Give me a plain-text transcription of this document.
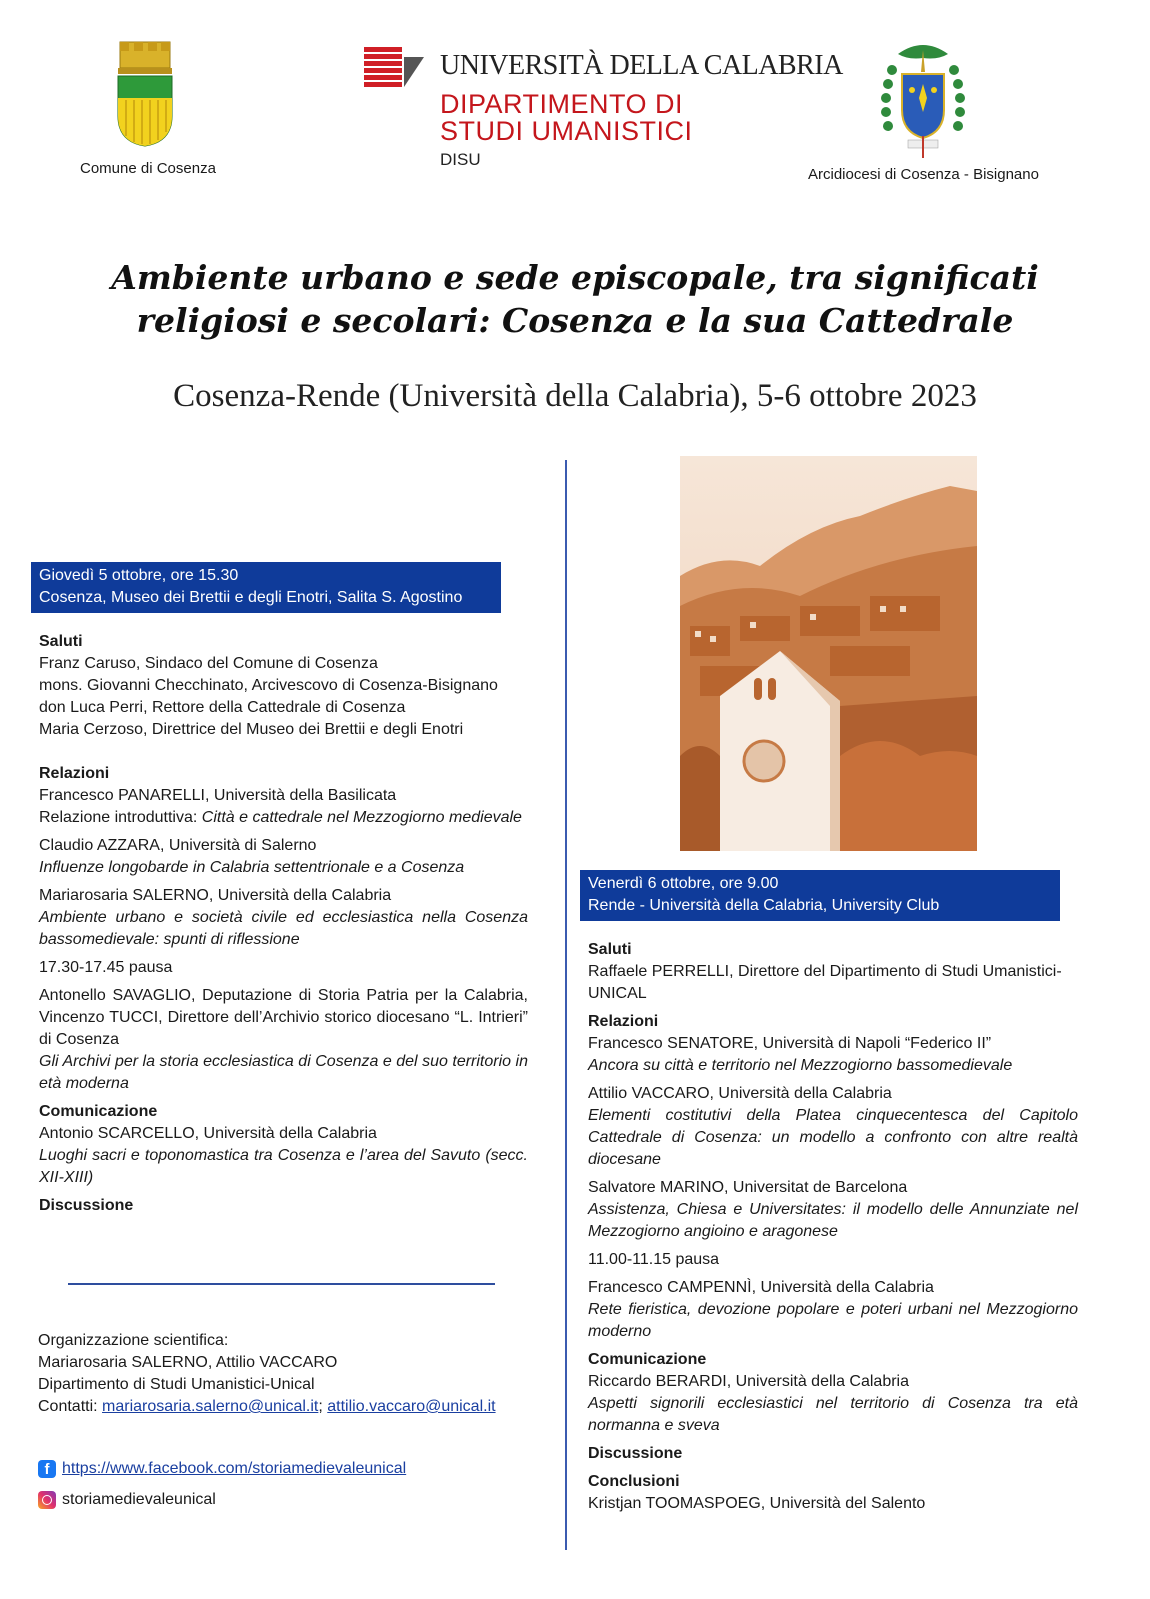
Comune di Cosenza
UNIVERSITÀ DELLA CALABRIA
DIPARTIMENTO DI
STUDI UMANISTICI
DISU
Arcidiocesi di Cosenza - Bisignano
Ambiente urbano e sede episcopale, tra significati religiosi e secolari: Cosenza e la sua Cattedrale
Cosenza-Rende (Università della Calabria), 5-6 ottobre 2023
Giovedì 5 ottobre, ore 15.30
Cosenza, Museo dei Brettii e degli Enotri, Salita S. Agostino

Saluti

Franz Caruso, Sindaco del Comune di Cosenza

mons. Giovanni Checchinato, Arcivescovo di Cosenza-Bisignano

don Luca Perri, Rettore della Cattedrale di Cosenza

Maria Cerzoso, Direttrice del Museo dei Brettii e degli Enotri

Relazioni

Francesco PANARELLI, Università della Basilicata

Relazione introduttiva: Città e cattedrale nel Mezzogiorno medievale

Claudio AZZARA, Università di Salerno

Influenze longobarde in Calabria settentrionale e a Cosenza

Mariarosaria SALERNO, Università della Calabria

Ambiente urbano e società civile ed ecclesiastica nella Cosenza bassomedievale: spunti di riflessione

17.30-17.45 pausa

Antonello SAVAGLIO, Deputazione di Storia Patria per la Calabria, Vincenzo TUCCI, Direttore dell’Archivio storico diocesano “L. Intrieri” di Cosenza

Gli Archivi per la storia ecclesiastica di Cosenza e del suo territorio in età moderna

Comunicazione

Antonio SCARCELLO, Università della Calabria

Luoghi sacri e toponomastica tra Cosenza e l’area del Savuto (secc. XII-XIII)

Discussione

Organizzazione scientifica:

Mariarosaria SALERNO, Attilio VACCARO

Dipartimento di Studi Umanistici-Unical

Contatti: mariarosaria.salerno@unical.it; attilio.vaccaro@unical.it

f https://www.facebook.com/storiamedievaleunical
storiamedievaleunical
Venerdì 6 ottobre, ore 9.00
Rende - Università della Calabria, University Club

Saluti

Raffaele PERRELLI, Direttore del Dipartimento di Studi Umanistici-UNICAL

Relazioni

Francesco SENATORE, Università di Napoli “Federico II”

Ancora su città e territorio nel Mezzogiorno bassomedievale

Attilio VACCARO, Università della Calabria

Elementi costitutivi della Platea cinquecentesca del Capitolo Cattedrale di Cosenza: un modello a confronto con altre realtà diocesane

Salvatore MARINO, Universitat de Barcelona

Assistenza, Chiesa e Universitates: il modello delle Annunziate nel Mezzogiorno angioino e aragonese

11.00-11.15 pausa

Francesco CAMPENNÌ, Università della Calabria

Rete fieristica, devozione popolare e poteri urbani nel Mezzogiorno moderno

Comunicazione

Riccardo BERARDI, Università della Calabria

Aspetti signorili ecclesiastici nel territorio di Cosenza tra età normanna e sveva

Discussione

Conclusioni

Kristjan TOOMASPOEG, Università del Salento
